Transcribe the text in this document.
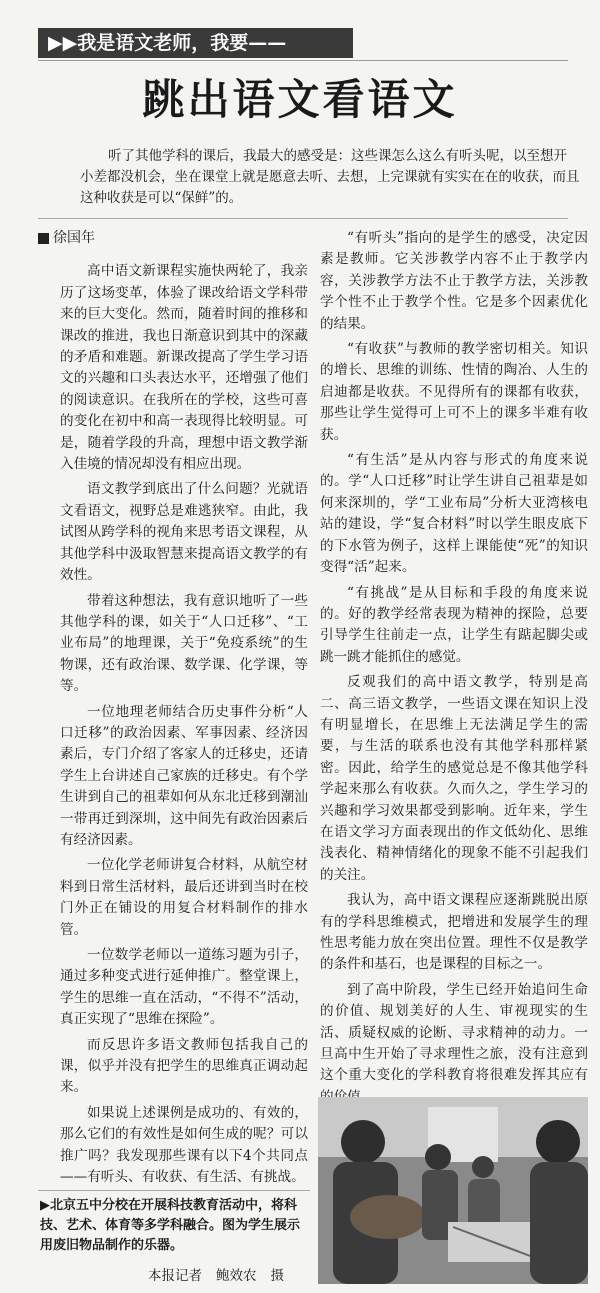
▶▶我是语文老师，我要——
跳出语文看语文
听了其他学科的课后，我最大的感受是：这些课怎么这么有听头呢，以至想开小差都没机会，坐在课堂上就是愿意去听、去想，上完课就有实实在在的收获，而且这种收获是可以“保鲜”的。
徐国年

高中语文新课程实施快两轮了，我亲历了这场变革，体验了课改给语文学科带来的巨大变化。然而，随着时间的推移和课改的推进，我也日渐意识到其中的深藏的矛盾和难题。新课改提高了学生学习语文的兴趣和口头表达水平，还增强了他们的阅读意识。在我所在的学校，这些可喜的变化在初中和高一表现得比较明显。可是，随着学段的升高，理想中语文教学渐入佳境的情况却没有相应出现。

语文教学到底出了什么问题？光就语文看语文，视野总是难逃狭窄。由此，我试图从跨学科的视角来思考语文课程，从其他学科中汲取智慧来提高语文教学的有效性。

带着这种想法，我有意识地听了一些其他学科的课，如关于“人口迁移”、“工业布局”的地理课，关于“免疫系统”的生物课，还有政治课、数学课、化学课，等等。

一位地理老师结合历史事件分析“人口迁移”的政治因素、军事因素、经济因素后，专门介绍了客家人的迁移史，还请学生上台讲述自己家族的迁移史。有个学生讲到自己的祖辈如何从东北迁移到潮汕一带再迁到深圳，这中间先有政治因素后有经济因素。

一位化学老师讲复合材料，从航空材料到日常生活材料，最后还讲到当时在校门外正在铺设的用复合材料制作的排水管。

一位数学老师以一道练习题为引子，通过多种变式进行延伸推广。整堂课上，学生的思维一直在活动，“不得不”活动，真正实现了“思维在探险”。

而反思许多语文教师包括我自己的课，似乎并没有把学生的思维真正调动起来。

如果说上述课例是成功的、有效的，那么它们的有效性是如何生成的呢？可以推广吗？我发现那些课有以下4个共同点——有听头、有收获、有生活、有挑战。

“有听头”指向的是学生的感受，决定因素是教师。它关涉教学内容不止于教学内容，关涉教学方法不止于教学方法，关涉教学个性不止于教学个性。它是多个因素优化的结果。

“有收获”与教师的教学密切相关。知识的增长、思维的训练、性情的陶冶、人生的启迪都是收获。不见得所有的课都有收获，那些让学生觉得可上可不上的课多半难有收获。

“有生活”是从内容与形式的角度来说的。学“人口迁移”时让学生讲自己祖辈是如何来深圳的，学“工业布局”分析大亚湾核电站的建设，学“复合材料”时以学生眼皮底下的下水管为例子，这样上课能使“死”的知识变得“活”起来。

“有挑战”是从目标和手段的角度来说的。好的教学经常表现为精神的探险，总要引导学生往前走一点，让学生有踮起脚尖或跳一跳才能抓住的感觉。

反观我们的高中语文教学，特别是高二、高三语文教学，一些语文课在知识上没有明显增长，在思维上无法满足学生的需要，与生活的联系也没有其他学科那样紧密。因此，给学生的感觉总是不像其他学科学起来那么有收获。久而久之，学生学习的兴趣和学习效果都受到影响。近年来，学生在语文学习方面表现出的作文低幼化、思维浅表化、精神情绪化的现象不能不引起我们的关注。

我认为，高中语文课程应逐渐跳脱出原有的学科思维模式，把增进和发展学生的理性思考能力放在突出位置。理性不仅是教学的条件和基石，也是课程的目标之一。

到了高中阶段，学生已经开始追问生命的价值、规划美好的人生、审视现实的生活、质疑权威的论断、寻求精神的动力。一旦高中生开始了寻求理性之旅，没有注意到这个重大变化的学科教育将很难发挥其应有

▶北京五中分校在开展科技教育活动中，将科技、艺术、体育等多学科融合。图为学生展示用废旧物品制作的乐器。
本报记者 鲍效农 摄
